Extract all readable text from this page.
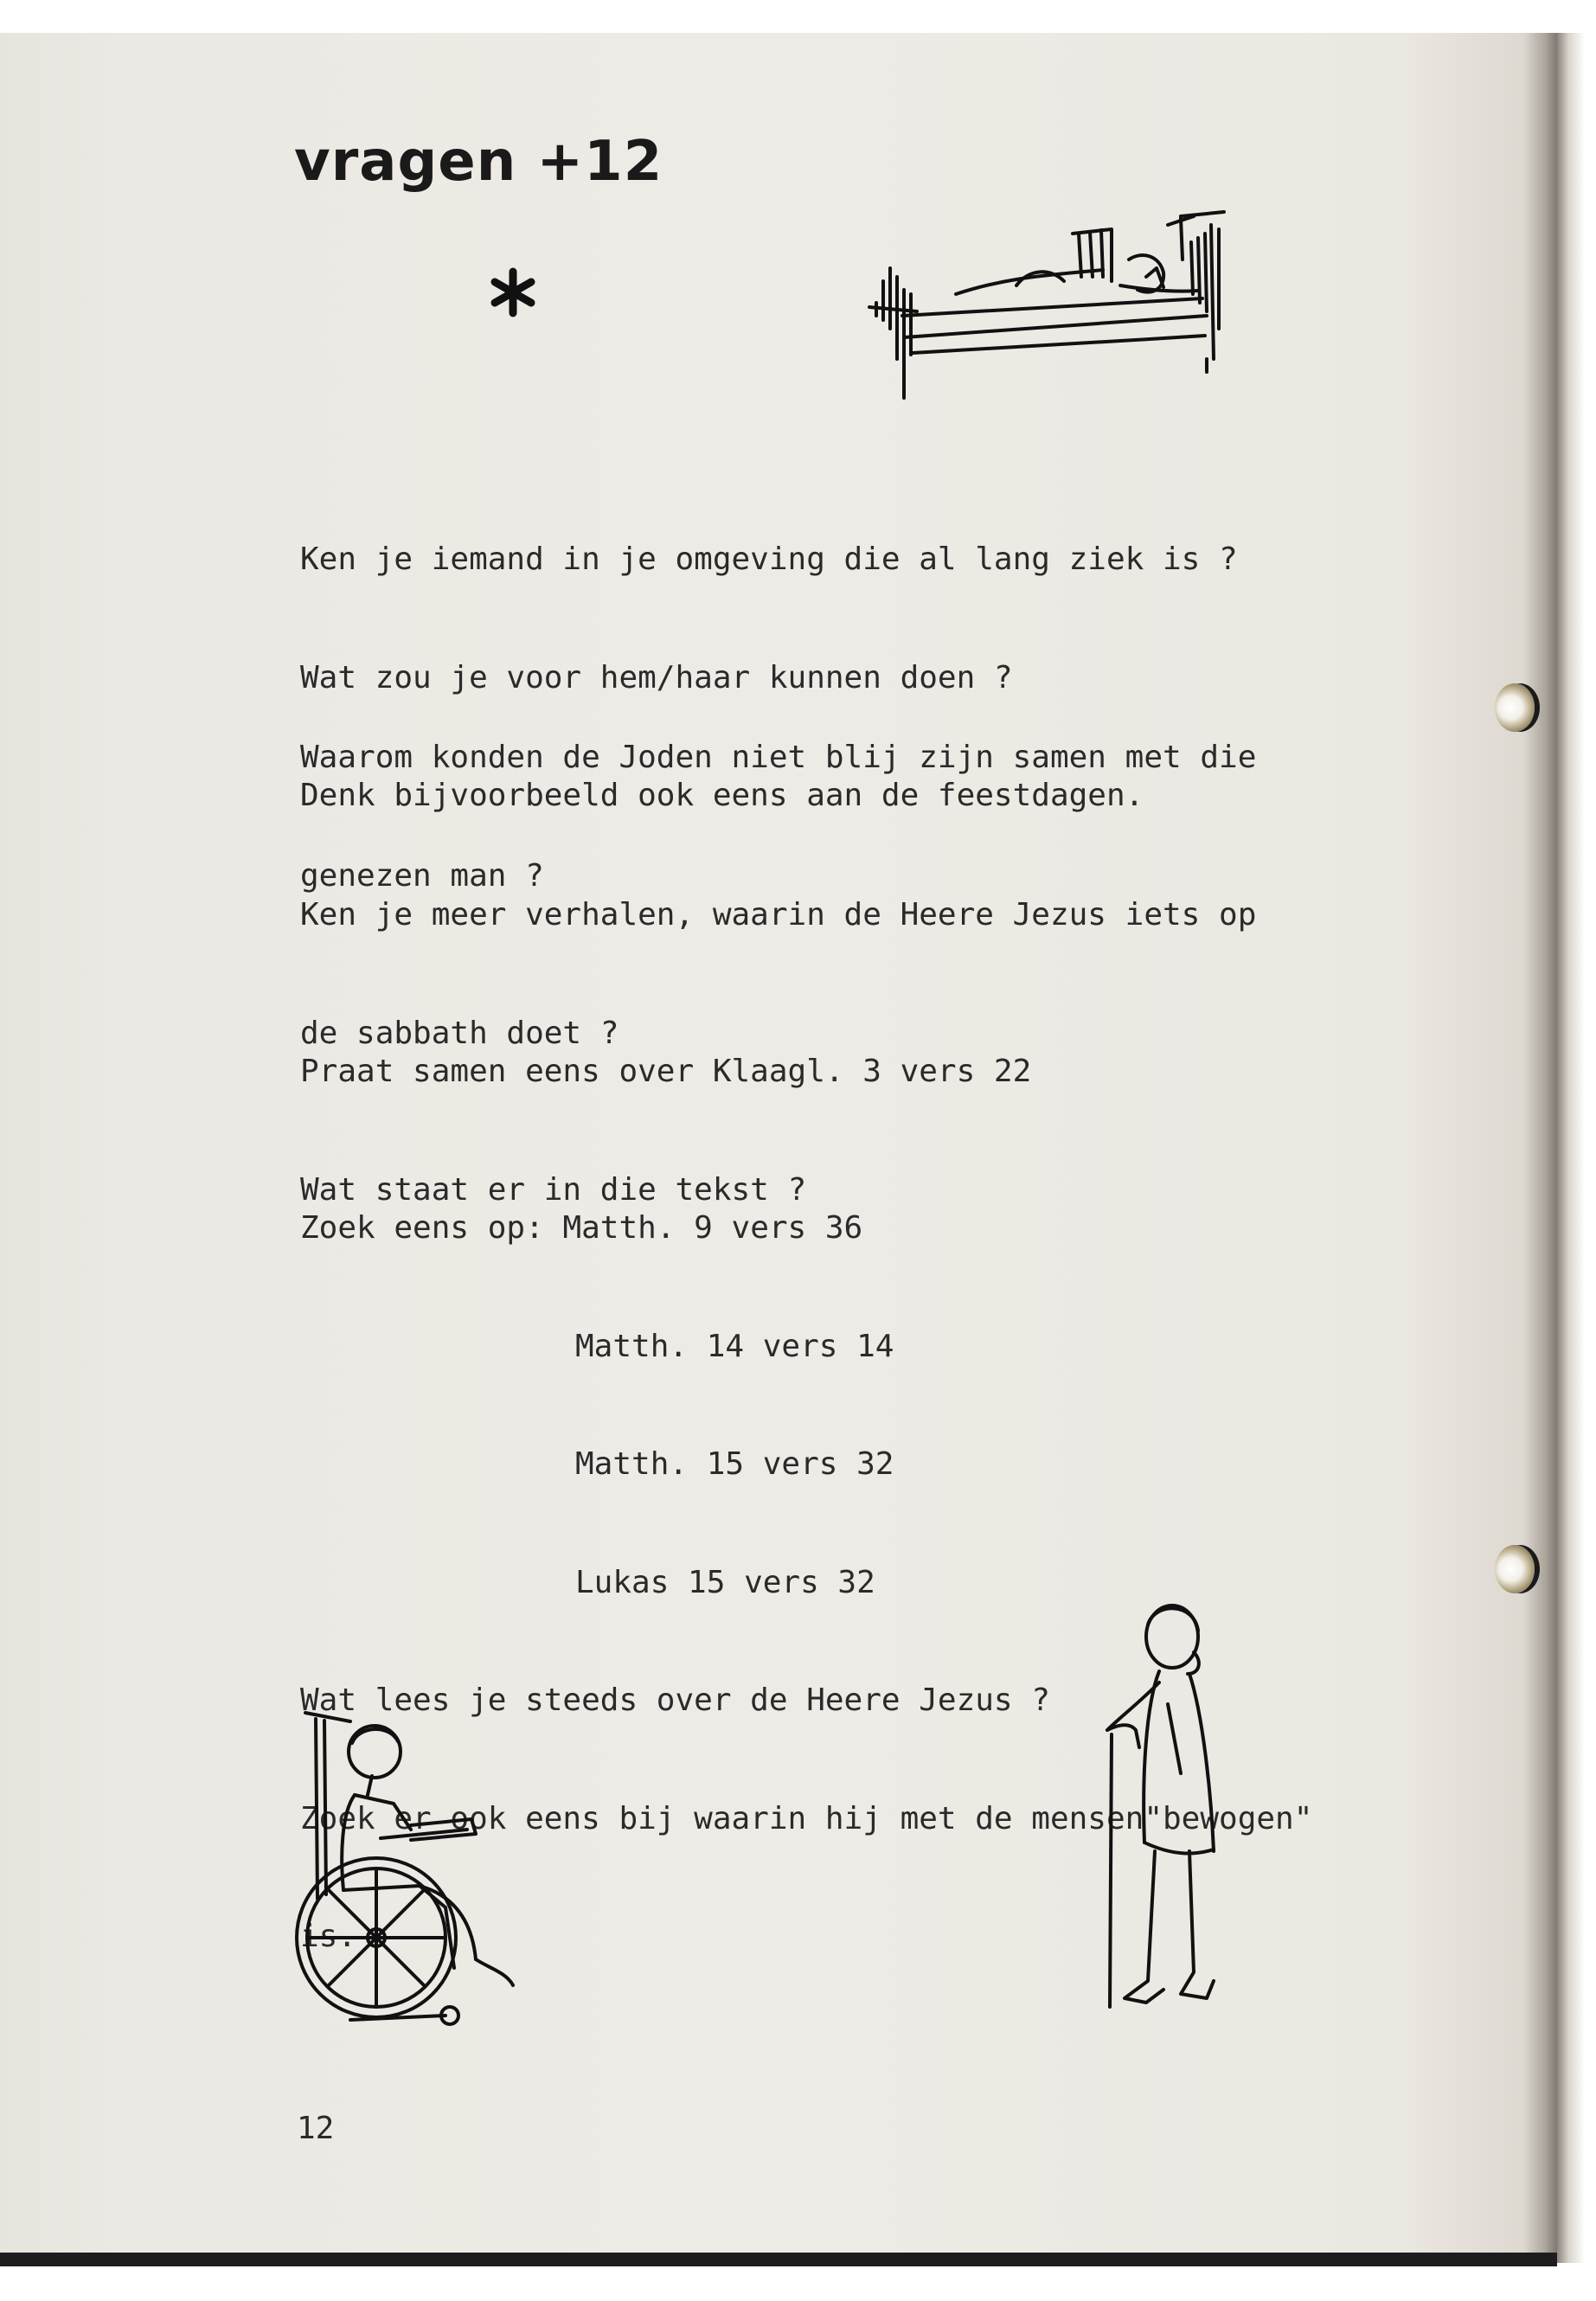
vragen +12

Ken je iemand in je omgeving die al lang ziek is ?

Wat zou je voor hem/haar kunnen doen ?

Denk bijvoorbeeld ook eens aan de feestdagen.

Waarom konden de Joden niet blij zijn samen met die

genezen man ?

Ken je meer verhalen, waarin de Heere Jezus iets op

de sabbath doet ?

Praat samen eens over Klaagl. 3 vers 22

Wat staat er in die tekst ?

Zoek eens op: Matth. 9 vers 36

Matth. 14 vers 14

Matth. 15 vers 32

Lukas 15 vers 32

Wat lees je steeds over de Heere Jezus ?

Zoek er ook eens bij waarin hij met de mensen"bewogen"

is.

12
